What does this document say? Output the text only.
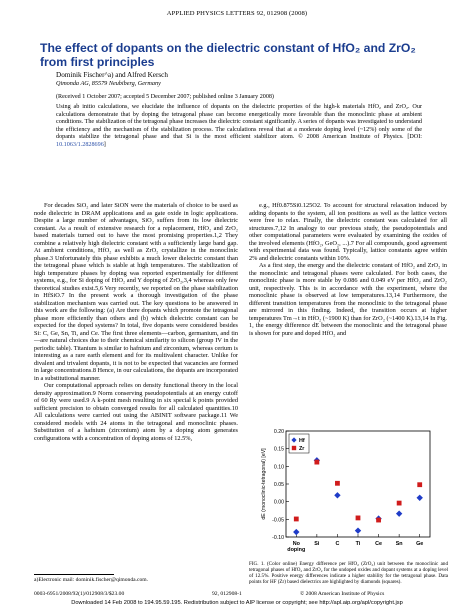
APPLIED PHYSICS LETTERS 92, 012908 (2008)
The effect of dopants on the dielectric constant of HfO₂ and ZrO₂ from first principles
Dominik Fischer^a) and Alfred Kersch
Qimonda AG, 85579 Neubiberg, Germany
(Received 1 October 2007; accepted 5 December 2007; published online 3 January 2008)
Using ab initio calculations, we elucidate the influence of dopants on the dielectric properties of the high-k materials HfO₂ and ZrO₂. Our calculations demonstrate that by doping the tetragonal phase can become energetically more favorable than the monoclinic phase at ambient conditions. The stabilization of the tetragonal phase increases the dielectric constant significantly. A series of dopants was investigated to understand the efficiency and the mechanism of the stabilization process. The calculations reveal that at a moderate doping level (~12%) only some of the dopants stabilize the tetragonal phase and that Si is the most efficient stabilizer atom. © 2008 American Institute of Physics. [DOI: 10.1063/1.2828696]

For decades SiO₂ and later SiON were the materials of choice to be used as node dielectric in DRAM applications and as gate oxide in logic applications. Despite a large number of advantages, SiO₂ suffers from its low dielectric constant. As a result of extensive research for a replacement, HfO₂ and ZrO₂ based materials turned out to have the most promising properties.1,2 They combine a relatively high dielectric constant with a sufficiently large band gap. At ambient conditions, HfO₂ as well as ZrO₂ crystallize in the monoclinic phase.3 Unfortunately this phase exhibits a much lower dielectric constant than the tetragonal phase which is stable at high temperatures. The stabilization of high temperature phases by doping was reported experimentally for different systems, e.g., for Si doping of HfO₂ and Y doping of ZrO₂,3,4 whereas only few theoretical studies exist.5,6 Very recently, we reported on the phase stabilization in HfSiO.7 In the present work a thorough investigation of the phase stabilization mechanism was carried out. The key questions to be answered in this work are the following: (a) Are there dopants which promote the tetragonal phase more efficiently than others and (b) which dielectric constant can be expected for the doped systems? In total, five dopants were considered besides Si: C, Ge, Sn, Ti, and Ce. The first three elements—carbon, germanium, and tin—are natural choices due to their chemical similarity to silicon (group IV in the periodic table). Titanium is similar to hafnium and zirconium, whereas cerium is interesting as a rare earth element and for its multivalent character. Unlike for divalent and trivalent dopants, it is not to be expected that vacancies are formed in large concentrations.8 Hence, in our calculations, the dopants are incorporated in a substitutional manner.

Our computational approach relies on density functional theory in the local density approximation.9 Norm conserving pseudopotentials at an energy cutoff of 60 Ry were used.9 A k-point mesh resulting in six special k points provided sufficient precision to obtain converged results for all calculated quantities.10 All calculations were carried out using the ABINIT software package.11 We considered models with 24 atoms in the tetragonal and monoclinic phases. Substitution of a hafnium (zirconium) atom by a doping atom generates configurations with a concentration of doping atoms of 12.5%,

e.g., Hf0.875Si0.125O2. To account for structural relaxation induced by adding dopants to the system, all ion positions as well as the lattice vectors were free to relax. Finally, the dielectric constant was calculated for all structures.7,12 In analogy to our previous study, the pseudopotentials and other computational parameters were evaluated by examining the oxides of the involved elements (HfO₂, GeO₂, ...).7 For all compounds, good agreement with experimental data was found. Typically, lattice constants agree within 2% and dielectric constants within 10%.

As a first step, the energy and the dielectric constant of HfO₂ and ZrO₂ in the monoclinic and tetragonal phases were calculated. For both cases, the monoclinic phase is more stable by 0.086 and 0.049 eV per HfO₂ and ZrO₂ unit, respectively. This is in accordance with the experiment, where the monoclinic phase is observed at low temperatures.13,14 Furthermore, the different transition temperatures from the monoclinic to the tetragonal phase are mirrored in this finding. Indeed, the transition occurs at higher temperatures Tm→t in HfO₂ (~1900 K) than for ZrO₂ (~1400 K).13,14 In Fig. 1, the energy difference dE between the monoclinic and the tetragonal phase is shown for pure and doped HfO₂ and

-0.10
-0.05
0.00
0.05
0.10
0.15
0.20
dE (monoclinic-tetragonal) [eV]
No
doping
Si	C	Ti	Ce	Sn	Ge
Hf
Zr
FIG. 1. (Color online) Energy difference per HfO₂ (ZrO₂) unit between the monoclinic and tetragonal phases of HfO₂ and ZrO₂ for the undoped oxides and dopant systems at a doping level of 12.5%. Positive energy differences indicate a higher stability for the tetragonal phase. Data points for HF (Zr) based dielectrics are highlighted by diamonds (squares).
a)Electronic mail: dominik.fischer@qimonda.com.
0003-6951/2008/92(1)/012908/3/$23.00	92, 012908-1	© 2008 American Institute of Physics
Downloaded 14 Feb 2008 to 194.95.59.195. Redistribution subject to AIP license or copyright; see http://apl.aip.org/apl/copyright.jsp
